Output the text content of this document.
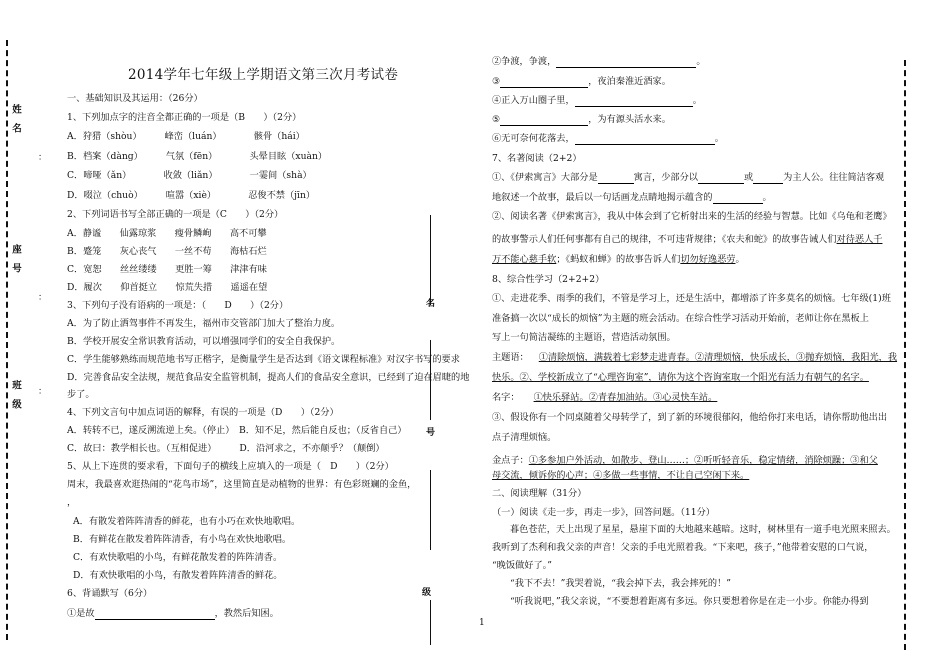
姓　名
座　号
班　级
：
：
：
名
号
级
2014学年七年级上学期语文第三次月考试卷
一、基础知识及其运用：（26分）
1、下列加点字的注音全都正确的一项是（B　　）（2分）
A．狩猎（shòu）　　　峰峦（luán）　　　　骸骨（hái）
B．档案（dàng）　　　气氛（fēn）　　　　头晕目眩（xuàn）
C．啼哑（ǎn）　　　　收敛（liǎn）　　　　一霎间（shà）
D．啜泣（chuò）　　　喧嚣（xiè）　　　　忍俊不禁（jīn）
2、下列词语书写全部正确的一项是（C　　）（2分）
A．静谧　　仙露琼浆　　瘦骨鳞峋　　高不可攀
B．蹙笼　　灰心丧气　　一丝不苟　　海枯石烂
C．宽恕　　丝丝缕缕　　更胜一筹　　津津有味
D．履次　　仰首挺立　　惊荒失措　　遥遥在望
3、下列句子没有语病的一项是：（　　D　　）（2分）
A．为了防止洒驾事件不再发生，福州市交管部门加大了整治力度。
B．学校开展安全常识教育活动，可以增强同学们的安全自我保护。
C．学生能够熟练而规范地书写正楷字，是衡量学生是否达到《语文课程标准》对汉字书写的要求
D．完善食品安全法规，规范食品安全监管机制，提高人们的食品安全意识，已经到了迫在眉睫的地
步了。
4、下列文言句中加点词语的解释，有误的一项是（D　　）（2分）
A．转转不已，遂反溯流逆上矣。（停止）　B．知不足，然后能自反也；（反省自己）
C．故曰：教学相长也。（互相促进）　　　D．沿河求之，不亦颠乎？（颠倒）
5、从上下连贯的要求看，下面句子的横线上应填入的一项是（　D　　）（2分）
周末，我最喜欢逛热闹的“花鸟市场”，这里简直是动植物的世界：有色彩斑斓的金鱼，
，
A．有散发着阵阵清香的鲜花，也有小巧在欢快地歌唱。
B．有鲜花在散发着阵阵清香，有小鸟在欢快地歌唱。
C．有欢快歌唱的小鸟，有鲜花散发着的阵阵清香。
D．有欢快歌唱的小鸟，有散发着阵阵清香的鲜花。
6、背诵默写（6分）
①是故	，教然后知困。
②争渡，争渡，	。
③	，夜泊秦淮近酒家。
④正入万山圈子里，	。
⑤	，为有源头活水来。
⑥无可奈何花落去，	。
7、名著阅读（2+2）
①、《伊索寓言》大部分是	寓言，少部分以	或	为主人公。往往简洁客观
地叙述一个故事，最后以一句话画龙点睛地揭示蕴含的	。
②、阅读名著《伊索寓言》，我从中体会到了它析射出来的生活的经验与智慧。比如《乌龟和老鹰》
的故事警示人们任何事都有自己的规律，不可违背规律；《农夫和蛇》的故事告诫人们对待恶人千
万不能心慈手软；《蚂蚁和蝉》的故事告诉人们切勿好逸恶劳。
8、综合性学习（2+2+2）
①、走进花季、雨季的我们，不管是学习上，还是生活中，都增添了许多莫名的烦恼。七年级(1)班
准备搞一次以“成长的烦恼”为主题的班会活动。在综合性学习活动开始前，老师让你在黑板上
写上一句简洁凝练的主题语，营造活动氛围。
主题语： ①清除烦恼，满载着七彩梦走进青春。②清理烦恼，快乐成长，③抛弃烦恼，我阳光，我
快乐。②、学校新成立了“心理咨询室”，请你为这个咨询室取一个阳光有活力有朝气的名字。
名字： ①快乐驿站。②青春加油站。③心灵快车站。
③、假设你有一个同桌随着父母转学了，到了新的环境很郁闷，他给你打来电话，请你帮助他出出
点子清理烦恼。
金点子：①多参加户外活动，如散步、登山……；②听听轻音乐，稳定情绪，消除烦躁；③和父
母交流，倾诉你的心声；④多做一些事情，不让自己空闲下来。
二、阅读理解（31分）
（一）阅读《走一步，再走一步》，回答问题。（11分）
暮色苍茫，天上出现了星星，悬崖下面的大地越来越暗。这时，树林里有一道手电光照来照去。
我听到了杰利和我父亲的声音！父亲的手电光照着我。“下来吧，孩子，”他带着安慰的口气说，
“晚饭做好了。”
“我下不去！”我哭着说，“我会掉下去，我会摔死的！”
“听我说吧，”我父亲说，“不要想着距离有多远。你只要想着你是在走一小步。你能办得到
1
